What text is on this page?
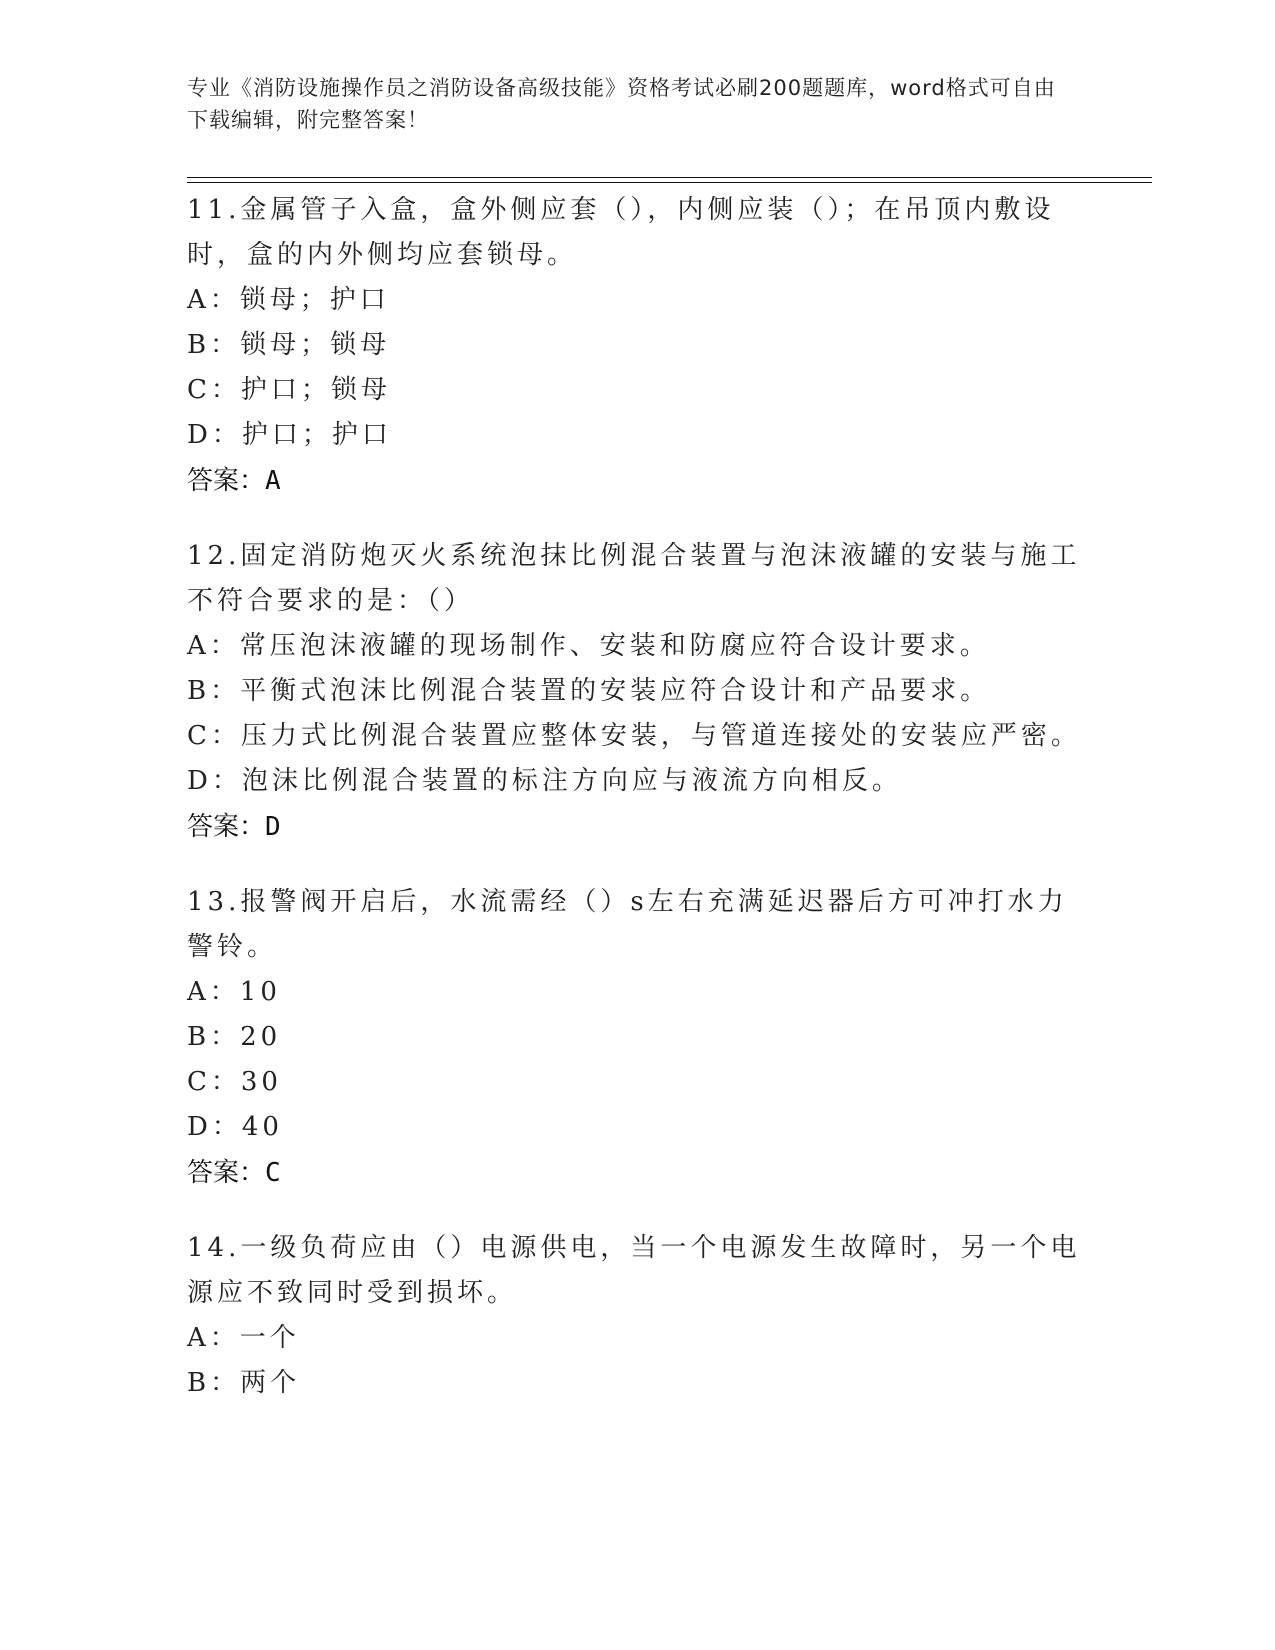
专业《消防设施操作员之消防设备高级技能》资格考试必刷200题题库，word格式可自由下载编辑，附完整答案！
11.金属管子入盒，盒外侧应套（），内侧应装（）；在吊顶内敷设时，盒的内外侧均应套锁母。
A：锁母；护口
B：锁母；锁母
C：护口；锁母
D：护口；护口
答案：A
12.固定消防炮灭火系统泡抹比例混合装置与泡沫液罐的安装与施工不符合要求的是：（）
A：常压泡沫液罐的现场制作、安装和防腐应符合设计要求。
B：平衡式泡沫比例混合装置的安装应符合设计和产品要求。
C：压力式比例混合装置应整体安装，与管道连接处的安装应严密。
D：泡沫比例混合装置的标注方向应与液流方向相反。
答案：D
13.报警阀开启后，水流需经（）s左右充满延迟器后方可冲打水力警铃。
A：10
B：20
C：30
D：40
答案：C
14.一级负荷应由（）电源供电，当一个电源发生故障时，另一个电源应不致同时受到损坏。
A：一个
B：两个
